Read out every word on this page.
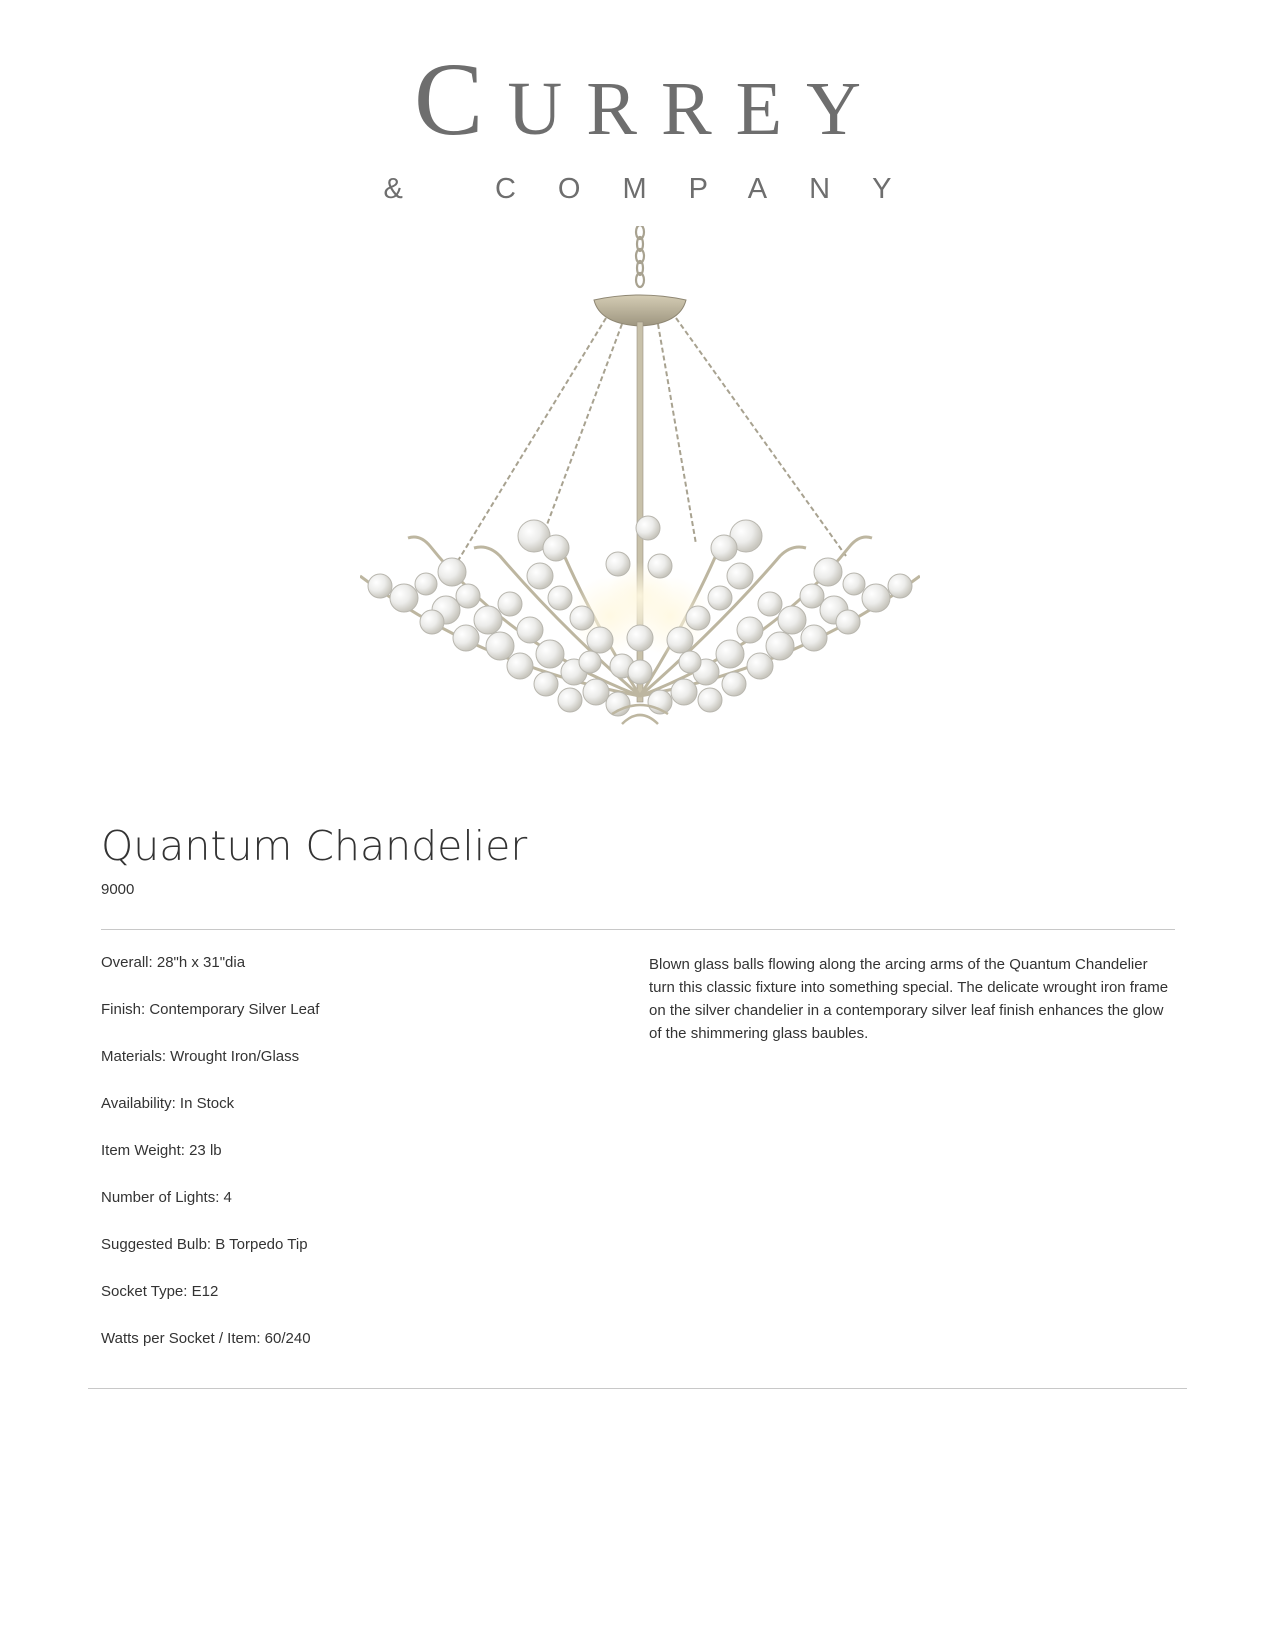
CURREY
& COMPANY
Quantum Chandelier
9000
Overall: 28"h x 31"dia
Finish: Contemporary Silver Leaf
Materials: Wrought Iron/Glass
Availability: In Stock
Item Weight: 23 lb
Number of Lights: 4
Suggested Bulb: B Torpedo Tip
Socket Type: E12
Watts per Socket / Item: 60/240

Blown glass balls flowing along the arcing arms of the Quantum Chandelier turn this classic fixture into something special. The delicate wrought iron frame on the silver chandelier in a contemporary silver leaf finish enhances the glow of the shimmering glass baubles.
